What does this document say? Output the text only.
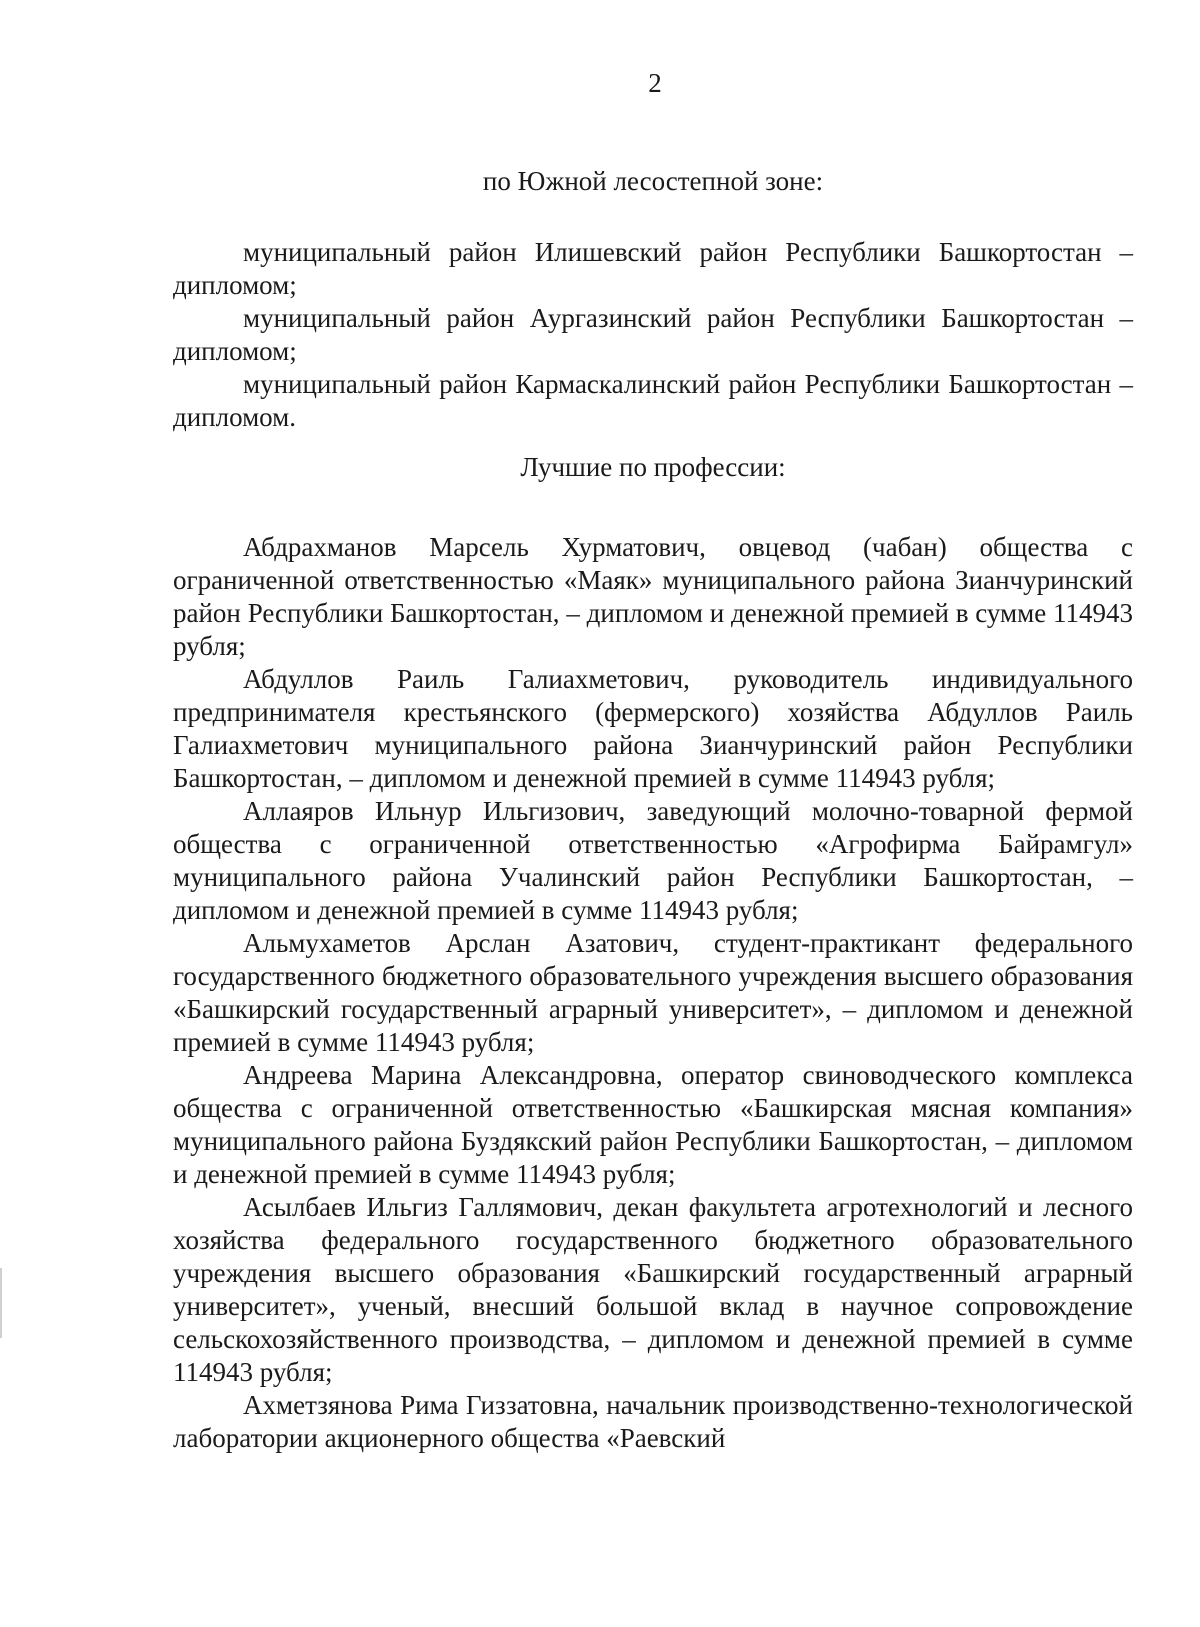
2
по Южной лесостепной зоне:

муниципальный район Илишевский район Республики Башкортостан – дипломом;

муниципальный район Аургазинский район Республики Башкортостан – дипломом;

муниципальный район Кармаскалинский район Республики Башкортостан – дипломом.

Лучшие по профессии:

Абдрахманов Марсель Хурматович, овцевод (чабан) общества с ограниченной ответственностью «Маяк» муниципального района Зианчуринский район Республики Башкортостан, – дипломом и денежной премией в сумме 114943 рубля;

Абдуллов Раиль Галиахметович, руководитель индивидуального предпринимателя крестьянского (фермерского) хозяйства Абдуллов Раиль Галиахметович муниципального района Зианчуринский район Республики Башкортостан, – дипломом и денежной премией в сумме 114943 рубля;

Аллаяров Ильнур Ильгизович, заведующий молочно-товарной фермой общества с ограниченной ответственностью «Агрофирма Байрамгул» муниципального района Учалинский район Республики Башкортостан, – дипломом и денежной премией в сумме 114943 рубля;

Альмухаметов Арслан Азатович, студент-практикант федерального государственного бюджетного образовательного учреждения высшего образования «Башкирский государственный аграрный университет», – дипломом и денежной премией в сумме 114943 рубля;

Андреева Марина Александровна, оператор свиноводческого комплекса общества с ограниченной ответственностью «Башкирская мясная компания» муниципального района Буздякский район Республики Башкортостан, – дипломом и денежной премией в сумме 114943 рубля;

Асылбаев Ильгиз Галлямович, декан факультета агротехнологий и лесного хозяйства федерального государственного бюджетного образовательного учреждения высшего образования «Башкирский государственный аграрный университет», ученый, внесший большой вклад в научное сопровождение сельскохозяйственного производства, – дипломом и денежной премией в сумме 114943 рубля;

Ахметзянова Рима Гиззатовна, начальник производственно-технологической лаборатории акционерного общества «Раевский
